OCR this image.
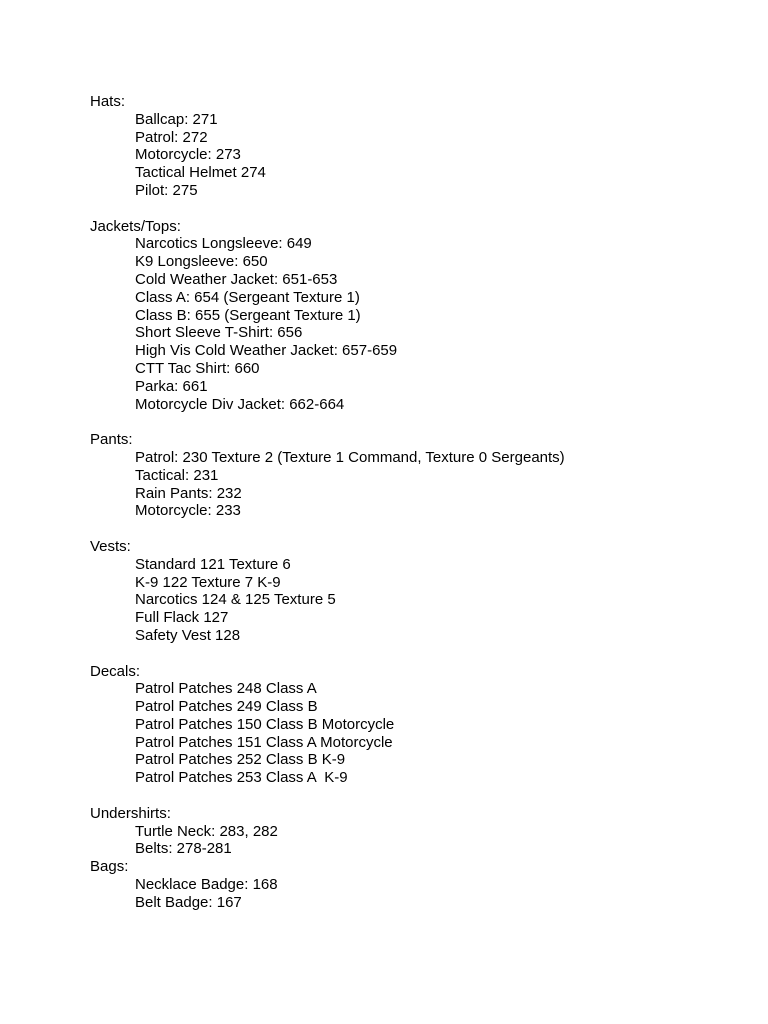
Hats:
Ballcap: 271
Patrol: 272
Motorcycle: 273
Tactical Helmet 274
Pilot: 275
Jackets/Tops:
Narcotics Longsleeve: 649
K9 Longsleeve: 650
Cold Weather Jacket: 651-653
Class A: 654 (Sergeant Texture 1)
Class B: 655 (Sergeant Texture 1)
Short Sleeve T-Shirt: 656
High Vis Cold Weather Jacket: 657-659
CTT Tac Shirt: 660
Parka: 661
Motorcycle Div Jacket: 662-664
Pants:
Patrol: 230 Texture 2 (Texture 1 Command, Texture 0 Sergeants)
Tactical: 231
Rain Pants: 232
Motorcycle: 233
Vests:
Standard 121 Texture 6
K-9 122 Texture 7 K-9
Narcotics 124 & 125 Texture 5
Full Flack 127
Safety Vest 128
Decals:
Patrol Patches 248 Class A
Patrol Patches 249 Class B
Patrol Patches 150 Class B Motorcycle
Patrol Patches 151 Class A Motorcycle
Patrol Patches 252 Class B K-9
Patrol Patches 253 Class A  K-9
Undershirts:
Turtle Neck: 283, 282
Belts: 278-281
Bags:
Necklace Badge: 168
Belt Badge: 167
